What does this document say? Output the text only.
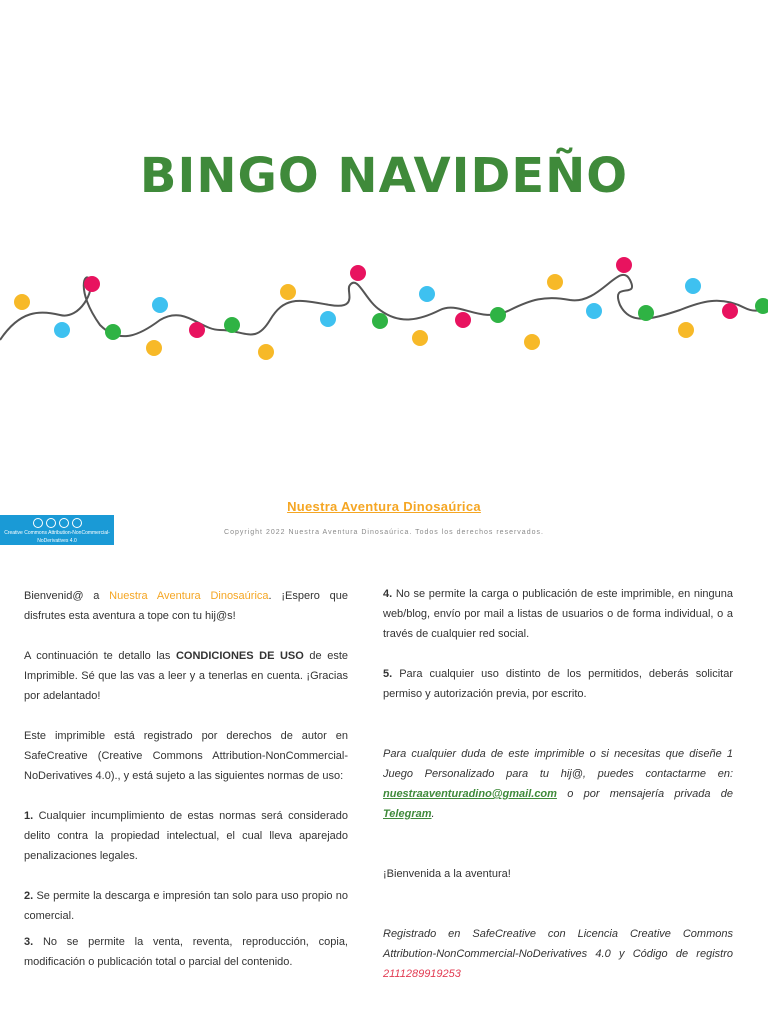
BINGO NAVIDEÑO
Nuestra Aventura Dinosaúrica
Creative Commons Attribution-NonCommercial-
NoDerivatives 4.0
Copyright 2022 Nuestra Aventura Dinosaúrica. Todos los derechos reservados.

Bienvenid@ a Nuestra Aventura Dinosaúrica. ¡Espero que disfrutes esta aventura a tope con tu hij@s!

A continuación te detallo las CONDICIONES DE USO de este Imprimible. Sé que las vas a leer y a tenerlas en cuenta. ¡Gracias por adelantado!

Este imprimible está registrado por derechos de autor en SafeCreative (Creative Commons Attribution-NonCommercial-NoDerivatives 4.0)., y está sujeto a las siguientes normas de uso:

1. Cualquier incumplimiento de estas normas será considerado delito contra la propiedad intelectual, el cual lleva aparejado penalizaciones legales.

2. Se permite la descarga e impresión tan solo para uso propio no comercial.

3. No se permite la venta, reventa, reproducción, copia, modificación o publicación total o parcial del contenido.

4. No se permite la carga o publicación de este imprimible, en ninguna web/blog, envío por mail a listas de usuarios o de forma individual, o a través de cualquier red social.

5. Para cualquier uso distinto de los permitidos, deberás solicitar permiso y autorización previa, por escrito.

Para cualquier duda de este imprimible o si necesitas que diseñe 1 Juego Personalizado para tu hij@, puedes contactarme en: nuestraaventuradino@gmail.com o por mensajería privada de Telegram.

¡Bienvenida a la aventura!

Registrado en SafeCreative con Licencia Creative Commons Attribution-NonCommercial-NoDerivatives 4.0 y Código de registro 2111289919253
